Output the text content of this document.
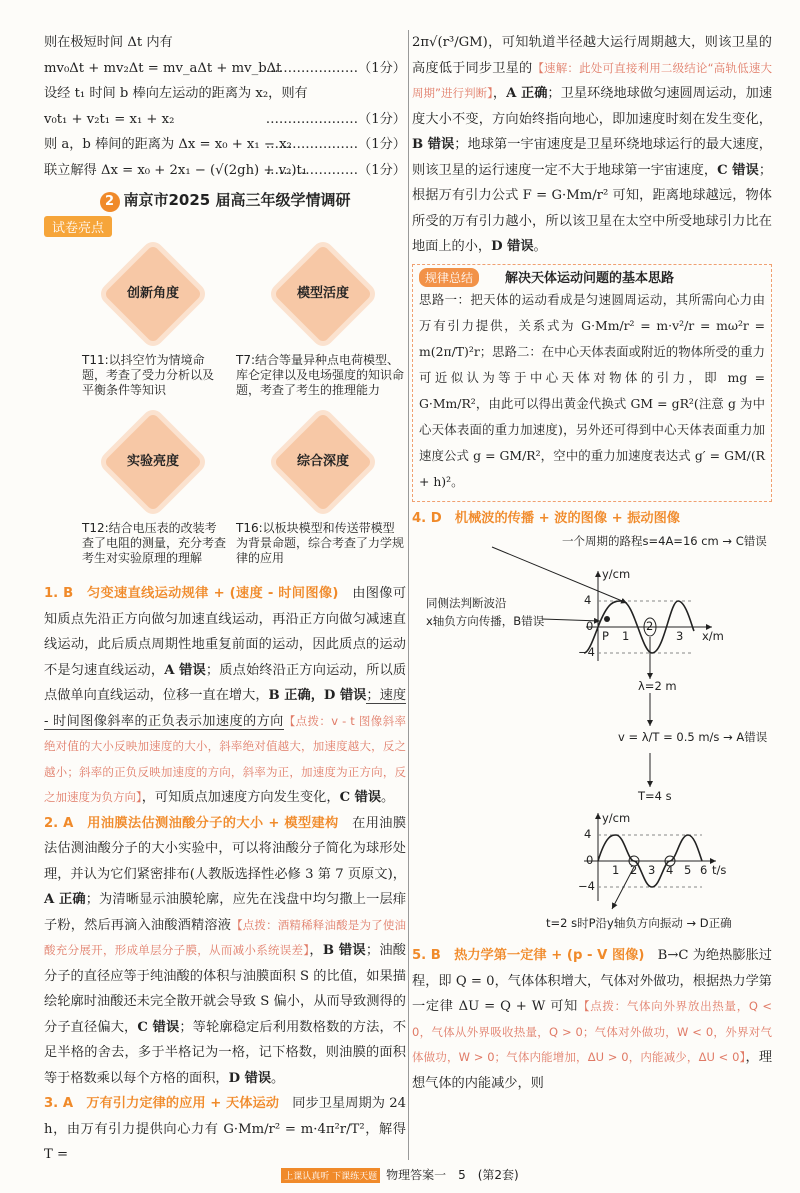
则在极短时间 Δt 内有

mv₀Δt + mv₂Δt = mv_aΔt + mv_bΔt
…………………（1分）

设经 t₁ 时间 b 棒向左运动的距离为 x₂，则有

v₀t₁ + v₂t₁ = x₁ + x₂	…………………（1分）
则 a，b 棒间的距离为 Δx = x₀ + x₁ − x₂
…………………（1分）
联立解得 Δx = x₀ + 2x₁ − (√(2gh) + v₂)t₁
…………………（1分）
2 南京市2025 届高三年级学情调研
试卷亮点
创新角度
T11:以抖空竹为情境命题，考查了受力分析以及平衡条件等知识
模型活度
T7:结合等量异种点电荷模型、库仑定律以及电场强度的知识命题，考查了考生的推理能力
实验亮度
T12:结合电压表的改装考查了电阻的测量，充分考查考生对实验原理的理解
综合深度
T16:以板块模型和传送带模型为背景命题，综合考查了力学规律的应用

1. B　匀变速直线运动规律 + (速度 - 时间图像)　 由图像可知质点先沿正方向做匀加速直线运动，再沿正方向做匀减速直线运动，此后质点周期性地重复前面的运动，因此质点的运动不是匀速直线运动，A 错误；质点始终沿正方向运动，所以质点做单向直线运动，位移一直在增大，B 正确，D 错误；速度 - 时间图像斜率的正负表示加速度的方向【点拨：v - t 图像斜率绝对值的大小反映加速度的大小，斜率绝对值越大，加速度越大，反之越小；斜率的正负反映加速度的方向，斜率为正，加速度为正方向，反之加速度为负方向】，可知质点加速度方向发生变化，C 错误。

2. A　用油膜法估测油酸分子的大小 + 模型建构　 在用油膜法估测油酸分子的大小实验中，可以将油酸分子简化为球形处理，并认为它们紧密排布(人教版选择性必修 3 第 7 页原文)，A 正确；为清晰显示油膜轮廓，应先在浅盘中均匀撒上一层痱子粉，然后再滴入油酸酒精溶液【点拨：酒精稀释油酸是为了使油酸充分展开，形成单层分子膜，从而减小系统误差】，B 错误；油酸分子的直径应等于纯油酸的体积与油膜面积 S 的比值，如果描绘轮廓时油酸还未完全散开就会导致 S 偏小，从而导致测得的分子直径偏大，C 错误；等轮廓稳定后利用数格数的方法，不足半格的舍去，多于半格记为一格，记下格数，则油膜的面积等于格数乘以每个方格的面积，D 错误。

3. A　万有引力定律的应用 + 天体运动　 同步卫星周期为 24 h，由万有引力提供向心力有 G·Mm/r² = m·4π²r/T²，解得 T =

2π√(r³/GM)，可知轨道半径越大运行周期越大，则该卫星的高度低于同步卫星的【速解：此处可直接利用二级结论“高轨低速大周期”进行判断】，A 正确；卫星环绕地球做匀速圆周运动，加速度大小不变，方向始终指向地心，即加速度时刻在发生变化，B 错误；地球第一宇宙速度是卫星环绕地球运行的最大速度，则该卫星的运行速度一定不大于地球第一宇宙速度，C 错误；根据万有引力公式 F = G·Mm/r² 可知，距离地球越远，物体所受的万有引力越小，所以该卫星在太空中所受地球引力比在地面上的小，D 错误。

规律总结 解决天体运动问题的基本思路

思路一：把天体的运动看成是匀速圆周运动，其所需向心力由万有引力提供，关系式为 G·Mm/r² = m·v²/r = mω²r = m(2π/T)²r；思路二：在中心天体表面或附近的物体所受的重力可近似认为等于中心天体对物体的引力，即 mg = G·Mm/R²，由此可以得出黄金代换式 GM = gR²(注意 g 为中心天体表面的重力加速度)，另外还可得到中心天体表面重力加速度公式 g = GM/R²，空中的重力加速度表达式 g′ = GM/(R + h)²。

4. D　机械波的传播 + 波的图像 + 振动图像

一个周期的路程s=4A=16 cm → C错误
同侧法判断波沿
x轴负方向传播，B错误
λ=2 m
v = λ/T = 0.5 m/s → A错误
T=4 s
t=2 s时P沿y轴负方向振动 → D正确
y/cm
x/m
4
−4
0
P 1
2
3
y/cm
t/s
4
−4
0
1 2 3 4 5 6

5. B　热力学第一定律 + (p - V 图像)　 B→C 为绝热膨胀过程，即 Q = 0，气体体积增大，气体对外做功，根据热力学第一定律 ΔU = Q + W 可知【点拨：气体向外界放出热量，Q < 0，气体从外界吸收热量，Q > 0；气体对外做功，W < 0，外界对气体做功，W > 0；气体内能增加，ΔU > 0，内能减少，ΔU < 0】，理想气体的内能减少，则

上课认真听 下课练天题 物理答案一　5　(第2套)
